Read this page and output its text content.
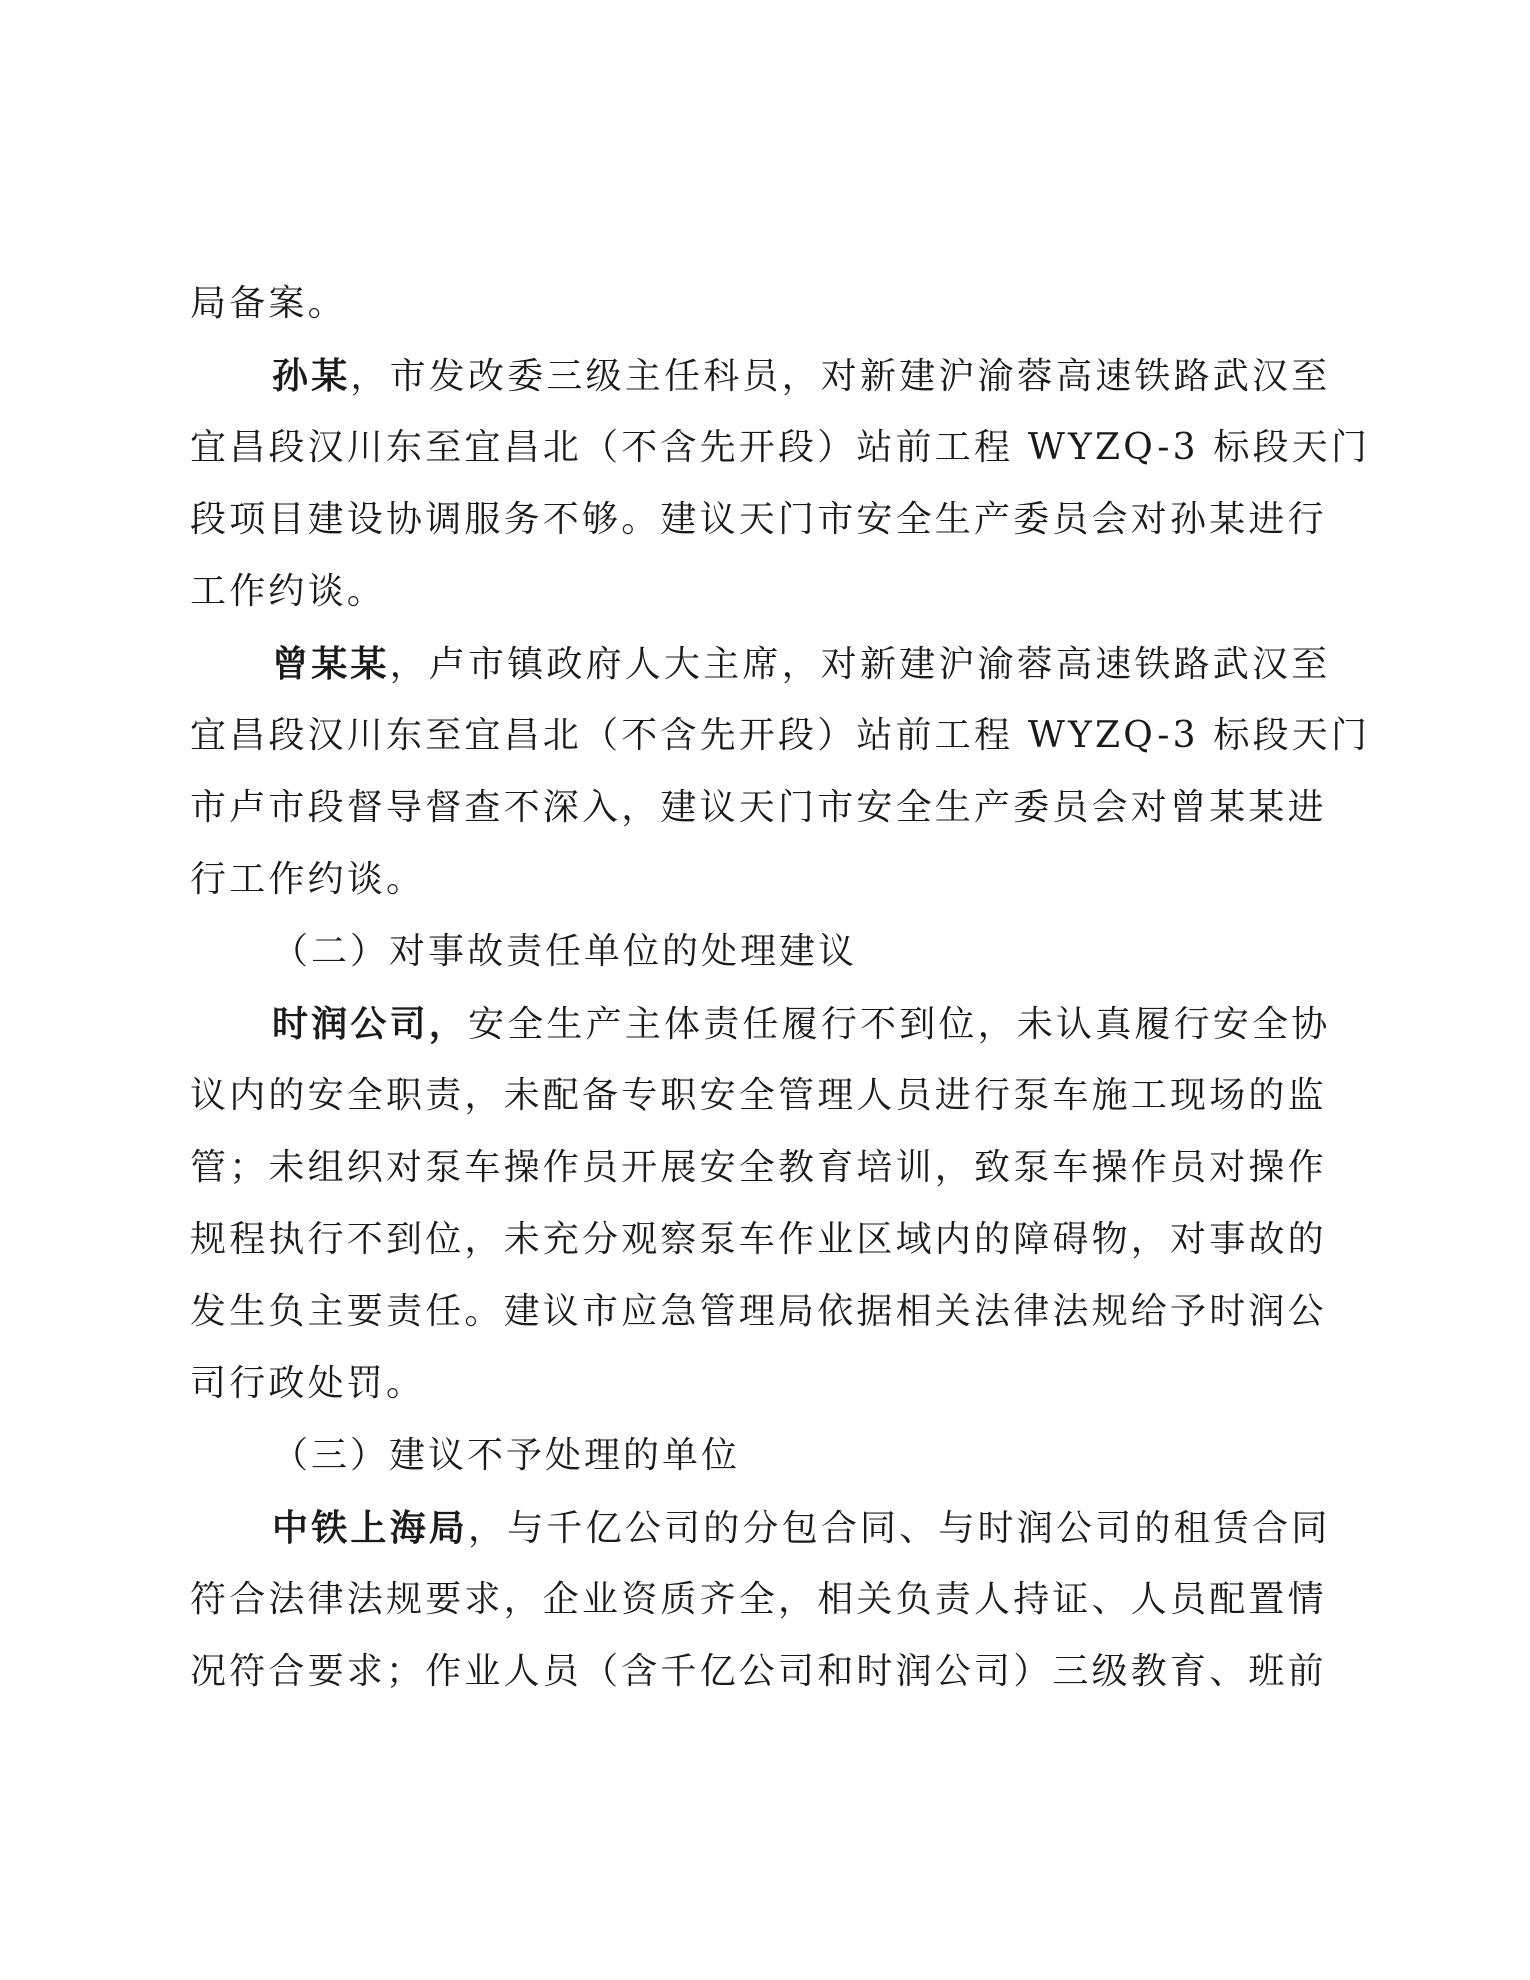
局备案。
孙某，市发改委三级主任科员，对新建沪渝蓉高速铁路武汉至
宜昌段汉川东至宜昌北（不含先开段）站前工程 WYZQ-3 标段天门
段项目建设协调服务不够。建议天门市安全生产委员会对孙某进行
工作约谈。
曾某某，卢市镇政府人大主席，对新建沪渝蓉高速铁路武汉至
宜昌段汉川东至宜昌北（不含先开段）站前工程 WYZQ-3 标段天门
市卢市段督导督查不深入，建议天门市安全生产委员会对曾某某进
行工作约谈。
（二）对事故责任单位的处理建议
时润公司，安全生产主体责任履行不到位，未认真履行安全协
议内的安全职责，未配备专职安全管理人员进行泵车施工现场的监
管；未组织对泵车操作员开展安全教育培训，致泵车操作员对操作
规程执行不到位，未充分观察泵车作业区域内的障碍物，对事故的
发生负主要责任。建议市应急管理局依据相关法律法规给予时润公
司行政处罚。
（三）建议不予处理的单位
中铁上海局，与千亿公司的分包合同、与时润公司的租赁合同
符合法律法规要求，企业资质齐全，相关负责人持证、人员配置情
况符合要求；作业人员（含千亿公司和时润公司）三级教育、班前
